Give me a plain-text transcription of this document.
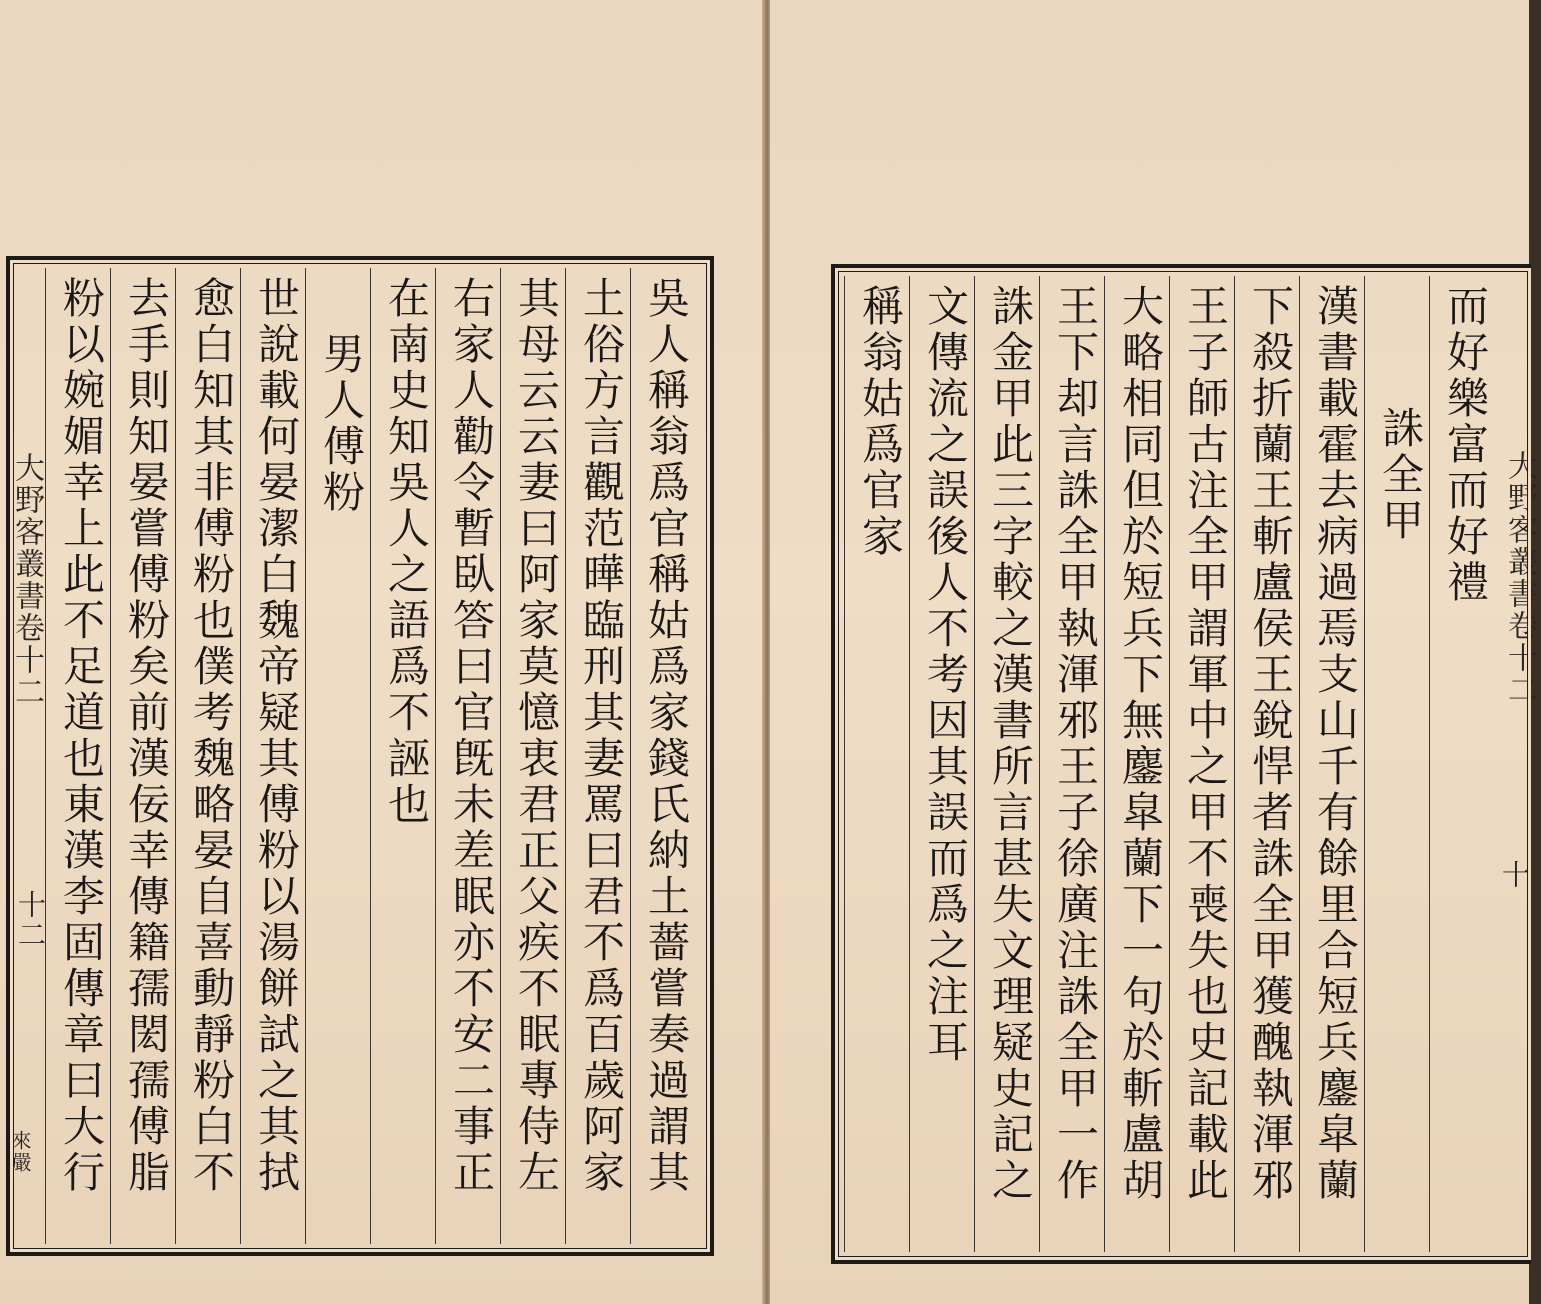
大野客叢書卷十二
十二
來嚴	吳人稱翁爲官稱姑爲家錢氏納土薔嘗奏過謂其
土俗方言觀范曄臨刑其妻罵曰君不爲百歲阿家
其母云云妻曰阿家莫憶衷君正父疾不眠專侍左
右家人勸令暫臥答曰官旣未差眠亦不安二事正
在南史知吳人之語爲不誣也
男人傅粉
世說載何晏潔白魏帝疑其傅粉以湯餅試之其拭
愈白知其非傅粉也僕考魏略晏自喜動靜粉白不
去手則知晏嘗傅粉矣前漢佞幸傳籍孺閎孺傅脂
粉以婉媚幸上此不足道也東漢李固傳章曰大行	大野客叢書卷十二
十
而好樂富而好禮
誅全甲
漢書載霍去病過焉支山千有餘里合短兵鏖皐蘭
下殺折蘭王斬盧侯王銳悍者誅全甲獲醜執渾邪
王子師古注全甲謂軍中之甲不喪失也史記載此
大略相同但於短兵下無鏖皐蘭下一句於斬盧胡
王下却言誅全甲執渾邪王子徐廣注誅全甲一作
誅金甲此三字較之漢書所言甚失文理疑史記之
文傳流之誤後人不考因其誤而爲之注耳
稱翁姑爲官家
